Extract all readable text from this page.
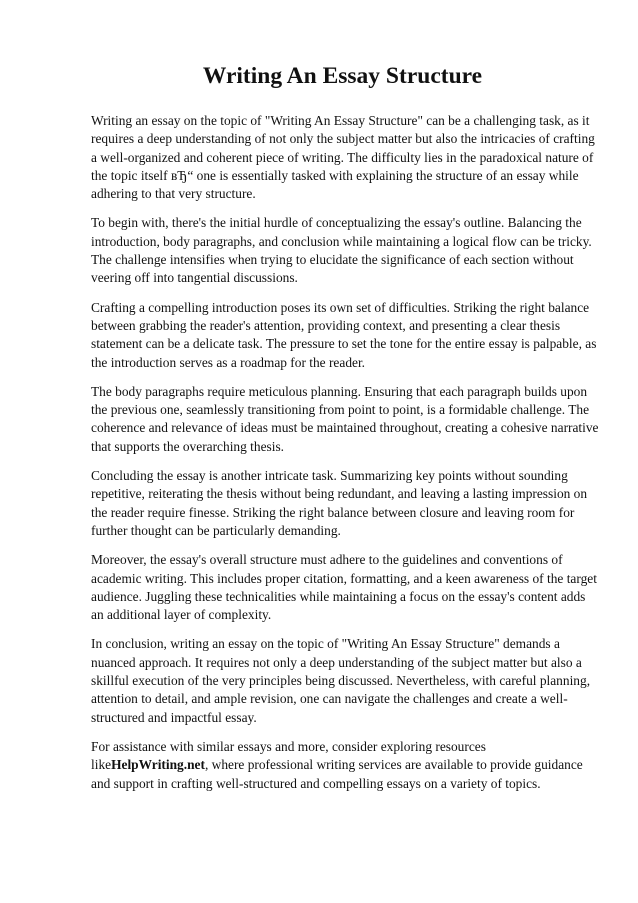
Writing An Essay Structure

Writing an essay on the topic of "Writing An Essay Structure" can be a challenging task, as it requires a deep understanding of not only the subject matter but also the intricacies of crafting a well-organized and coherent piece of writing. The difficulty lies in the paradoxical nature of the topic itself вЂ“ one is essentially tasked with explaining the structure of an essay while adhering to that very structure.

To begin with, there's the initial hurdle of conceptualizing the essay's outline. Balancing the introduction, body paragraphs, and conclusion while maintaining a logical flow can be tricky. The challenge intensifies when trying to elucidate the significance of each section without veering off into tangential discussions.

Crafting a compelling introduction poses its own set of difficulties. Striking the right balance between grabbing the reader's attention, providing context, and presenting a clear thesis statement can be a delicate task. The pressure to set the tone for the entire essay is palpable, as the introduction serves as a roadmap for the reader.

The body paragraphs require meticulous planning. Ensuring that each paragraph builds upon the previous one, seamlessly transitioning from point to point, is a formidable challenge. The coherence and relevance of ideas must be maintained throughout, creating a cohesive narrative that supports the overarching thesis.

Concluding the essay is another intricate task. Summarizing key points without sounding repetitive, reiterating the thesis without being redundant, and leaving a lasting impression on the reader require finesse. Striking the right balance between closure and leaving room for further thought can be particularly demanding.

Moreover, the essay's overall structure must adhere to the guidelines and conventions of academic writing. This includes proper citation, formatting, and a keen awareness of the target audience. Juggling these technicalities while maintaining a focus on the essay's content adds an additional layer of complexity.

In conclusion, writing an essay on the topic of "Writing An Essay Structure" demands a nuanced approach. It requires not only a deep understanding of the subject matter but also a skillful execution of the very principles being discussed. Nevertheless, with careful planning, attention to detail, and ample revision, one can navigate the challenges and create a well-structured and impactful essay.

For assistance with similar essays and more, consider exploring resources likeHelpWriting.net, where professional writing services are available to provide guidance and support in crafting well-structured and compelling essays on a variety of topics.
